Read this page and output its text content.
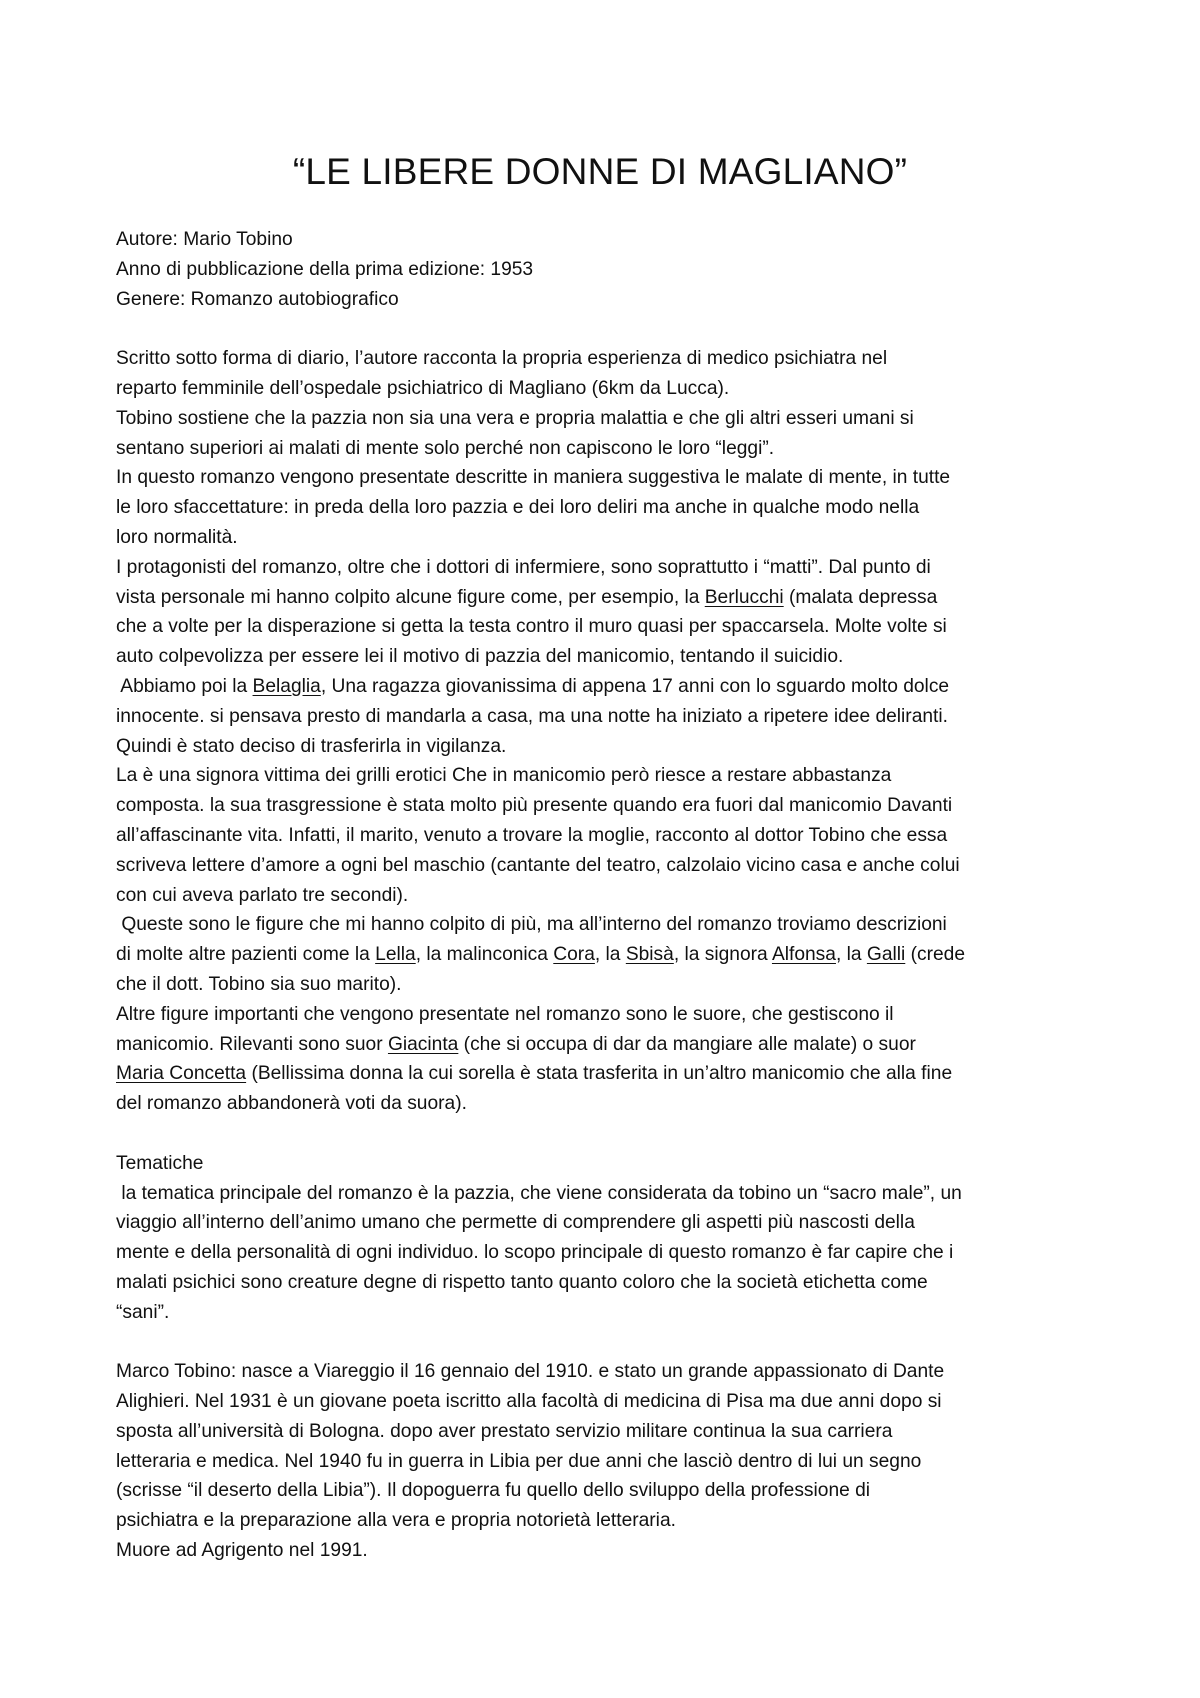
“LE LIBERE DONNE DI MAGLIANO”
Autore: Mario Tobino
Anno di pubblicazione della prima edizione: 1953
Genere: Romanzo autobiografico
Scritto sotto forma di diario, l’autore racconta la propria esperienza di medico psichiatra nel
reparto femminile dell’ospedale psichiatrico di Magliano (6km da Lucca).
Tobino sostiene che la pazzia non sia una vera e propria malattia e che gli altri esseri umani si
sentano superiori ai malati di mente solo perché non capiscono le loro “leggi”.
In questo romanzo vengono presentate descritte in maniera suggestiva le malate di mente, in tutte
le loro sfaccettature: in preda della loro pazzia e dei loro deliri ma anche in qualche modo nella
loro normalità.
I protagonisti del romanzo, oltre che i dottori di infermiere, sono soprattutto i “matti”. Dal punto di
vista personale mi hanno colpito alcune figure come, per esempio, la Berlucchi (malata depressa
che a volte per la disperazione si getta la testa contro il muro quasi per spaccarsela. Molte volte si
auto colpevolizza per essere lei il motivo di pazzia del manicomio, tentando il suicidio.
Abbiamo poi la Belaglia, Una ragazza giovanissima di appena 17 anni con lo sguardo molto dolce
innocente. si pensava presto di mandarla a casa, ma una notte ha iniziato a ripetere idee deliranti.
Quindi è stato deciso di trasferirla in vigilanza.
La è una signora vittima dei grilli erotici Che in manicomio però riesce a restare abbastanza
composta. la sua trasgressione è stata molto più presente quando era fuori dal manicomio Davanti
all’affascinante vita. Infatti, il marito, venuto a trovare la moglie, racconto al dottor Tobino che essa
scriveva lettere d’amore a ogni bel maschio (cantante del teatro, calzolaio vicino casa e anche colui
con cui aveva parlato tre secondi).
Queste sono le figure che mi hanno colpito di più, ma all’interno del romanzo troviamo descrizioni
di molte altre pazienti come la Lella, la malinconica Cora, la Sbisà, la signora Alfonsa, la Galli (crede
che il dott. Tobino sia suo marito).
Altre figure importanti che vengono presentate nel romanzo sono le suore, che gestiscono il
manicomio. Rilevanti sono suor Giacinta (che si occupa di dar da mangiare alle malate) o suor
Maria Concetta (Bellissima donna la cui sorella è stata trasferita in un’altro manicomio che alla fine
del romanzo abbandonerà voti da suora).
Tematiche
la tematica principale del romanzo è la pazzia, che viene considerata da tobino un “sacro male”, un
viaggio all’interno dell’animo umano che permette di comprendere gli aspetti più nascosti della
mente e della personalità di ogni individuo. lo scopo principale di questo romanzo è far capire che i
malati psichici sono creature degne di rispetto tanto quanto coloro che la società etichetta come
“sani”.
Marco Tobino: nasce a Viareggio il 16 gennaio del 1910. e stato un grande appassionato di Dante
Alighieri. Nel 1931 è un giovane poeta iscritto alla facoltà di medicina di Pisa ma due anni dopo si
sposta all’università di Bologna. dopo aver prestato servizio militare continua la sua carriera
letteraria e medica. Nel 1940 fu in guerra in Libia per due anni che lasciò dentro di lui un segno
(scrisse “il deserto della Libia”). Il dopoguerra fu quello dello sviluppo della professione di
psichiatra e la preparazione alla vera e propria notorietà letteraria.
Muore ad Agrigento nel 1991.
